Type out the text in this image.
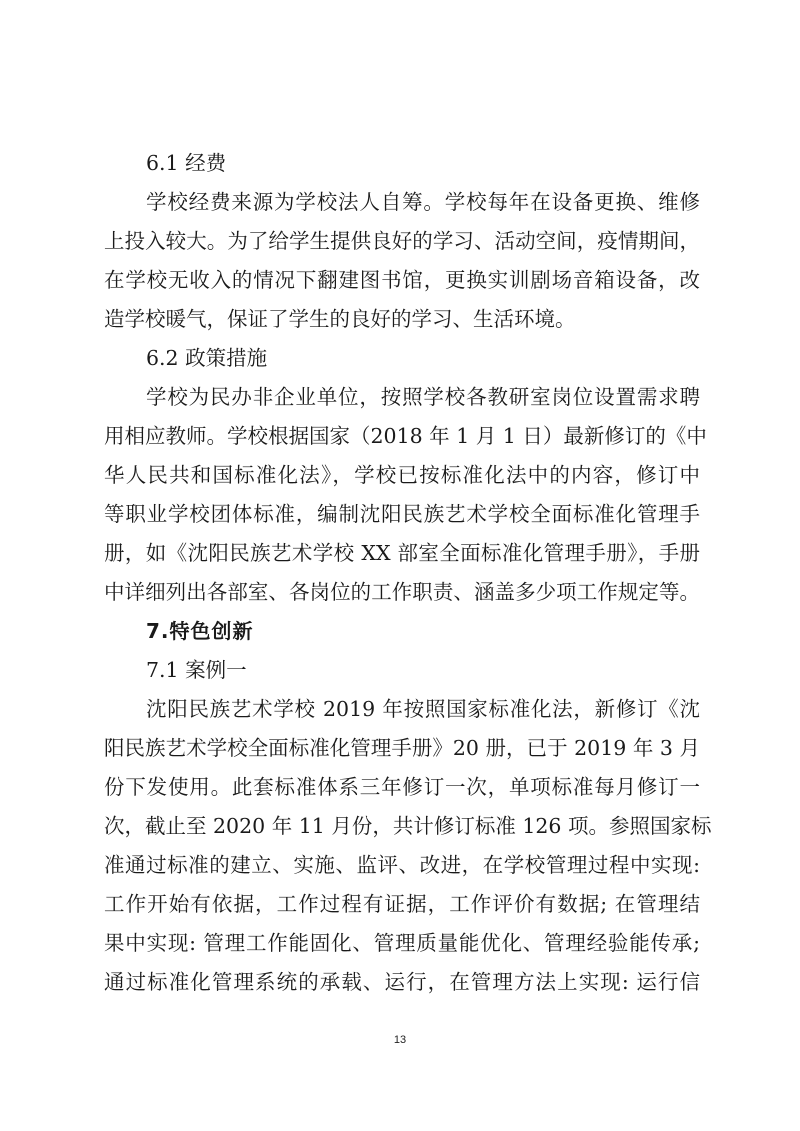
6.1 经费
学校经费来源为学校法人自筹。学校每年在设备更换、维修
上投入较大。为了给学生提供良好的学习、活动空间，疫情期间，
在学校无收入的情况下翻建图书馆，更换实训剧场音箱设备，改
造学校暖气，保证了学生的良好的学习、生活环境。
6.2 政策措施
学校为民办非企业单位，按照学校各教研室岗位设置需求聘
用相应教师。学校根据国家（2018 年 1 月 1 日）最新修订的《中
华人民共和国标准化法》，学校已按标准化法中的内容，修订中
等职业学校团体标准，编制沈阳民族艺术学校全面标准化管理手
册，如《沈阳民族艺术学校 XX 部室全面标准化管理手册》，手册
中详细列出各部室、各岗位的工作职责、涵盖多少项工作规定等。
7.特色创新
7.1 案例一
沈阳民族艺术学校 2019 年按照国家标准化法，新修订《沈
阳民族艺术学校全面标准化管理手册》20 册，已于 2019 年 3 月
份下发使用。此套标准体系三年修订一次，单项标准每月修订一
次，截止至 2020 年 11 月份，共计修订标准 126 项。参照国家标
准通过标准的建立、实施、监评、改进，在学校管理过程中实现:
工作开始有依据，工作过程有证据，工作评价有数据; 在管理结
果中实现: 管理工作能固化、管理质量能优化、管理经验能传承;
通过标准化管理系统的承载、运行，在管理方法上实现: 运行信
13
